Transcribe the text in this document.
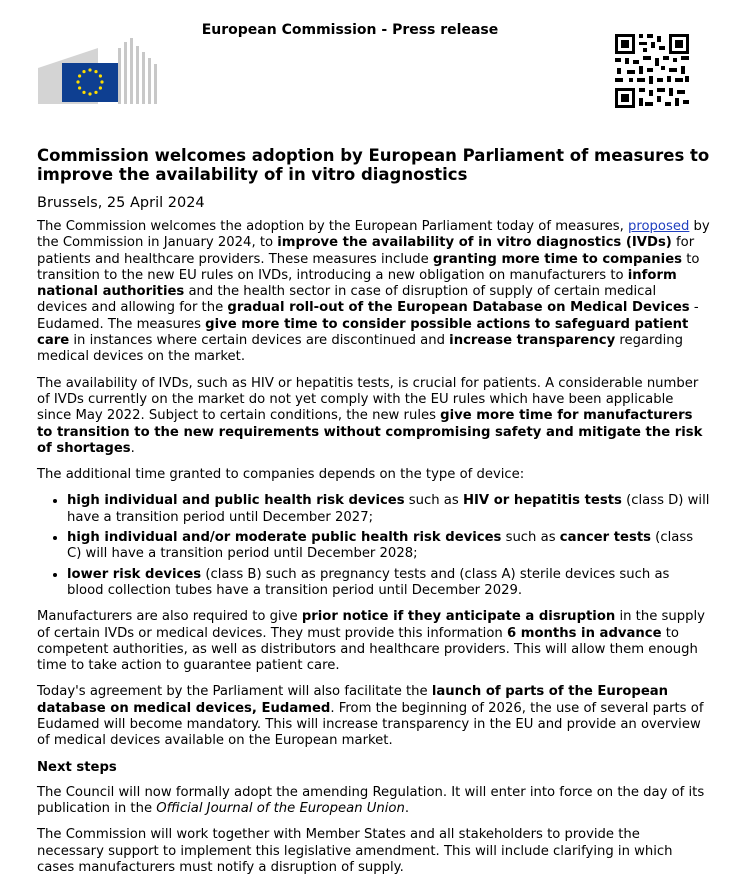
European Commission - Press release
Commission welcomes adoption by European Parliament of measures to improve the availability of in vitro diagnostics
Brussels, 25 April 2024

The Commission welcomes the adoption by the European Parliament today of measures, proposed by the Commission in January 2024, to improve the availability of in vitro diagnostics (IVDs) for patients and healthcare providers. These measures include granting more time to companies to transition to the new EU rules on IVDs, introducing a new obligation on manufacturers to inform national authorities and the health sector in case of disruption of supply of certain medical devices and allowing for the gradual roll-out of the European Database on Medical Devices - Eudamed. The measures give more time to consider possible actions to safeguard patient care in instances where certain devices are discontinued and increase transparency regarding medical devices on the market.

The availability of IVDs, such as HIV or hepatitis tests, is crucial for patients. A considerable number of IVDs currently on the market do not yet comply with the EU rules which have been applicable since May 2022. Subject to certain conditions, the new rules give more time for manufacturers to transition to the new requirements without compromising safety and mitigate the risk of shortages.

The additional time granted to companies depends on the type of device:

• high individual and public health risk devices such as HIV or hepatitis tests (class D) will have a transition period until December 2027;
• high individual and/or moderate public health risk devices such as cancer tests (class C) will have a transition period until December 2028;
• lower risk devices (class B) such as pregnancy tests and (class A) sterile devices such as blood collection tubes have a transition period until December 2029.

Manufacturers are also required to give prior notice if they anticipate a disruption in the supply of certain IVDs or medical devices. They must provide this information 6 months in advance to competent authorities, as well as distributors and healthcare providers. This will allow them enough time to take action to guarantee patient care.

Today's agreement by the Parliament will also facilitate the launch of parts of the European database on medical devices, Eudamed. From the beginning of 2026, the use of several parts of Eudamed will become mandatory. This will increase transparency in the EU and provide an overview of medical devices available on the European market.

Next steps

The Council will now formally adopt the amending Regulation. It will enter into force on the day of its publication in the Official Journal of the European Union.

The Commission will work together with Member States and all stakeholders to provide the necessary support to implement this legislative amendment. This will include clarifying in which cases manufacturers must notify a disruption of supply.
